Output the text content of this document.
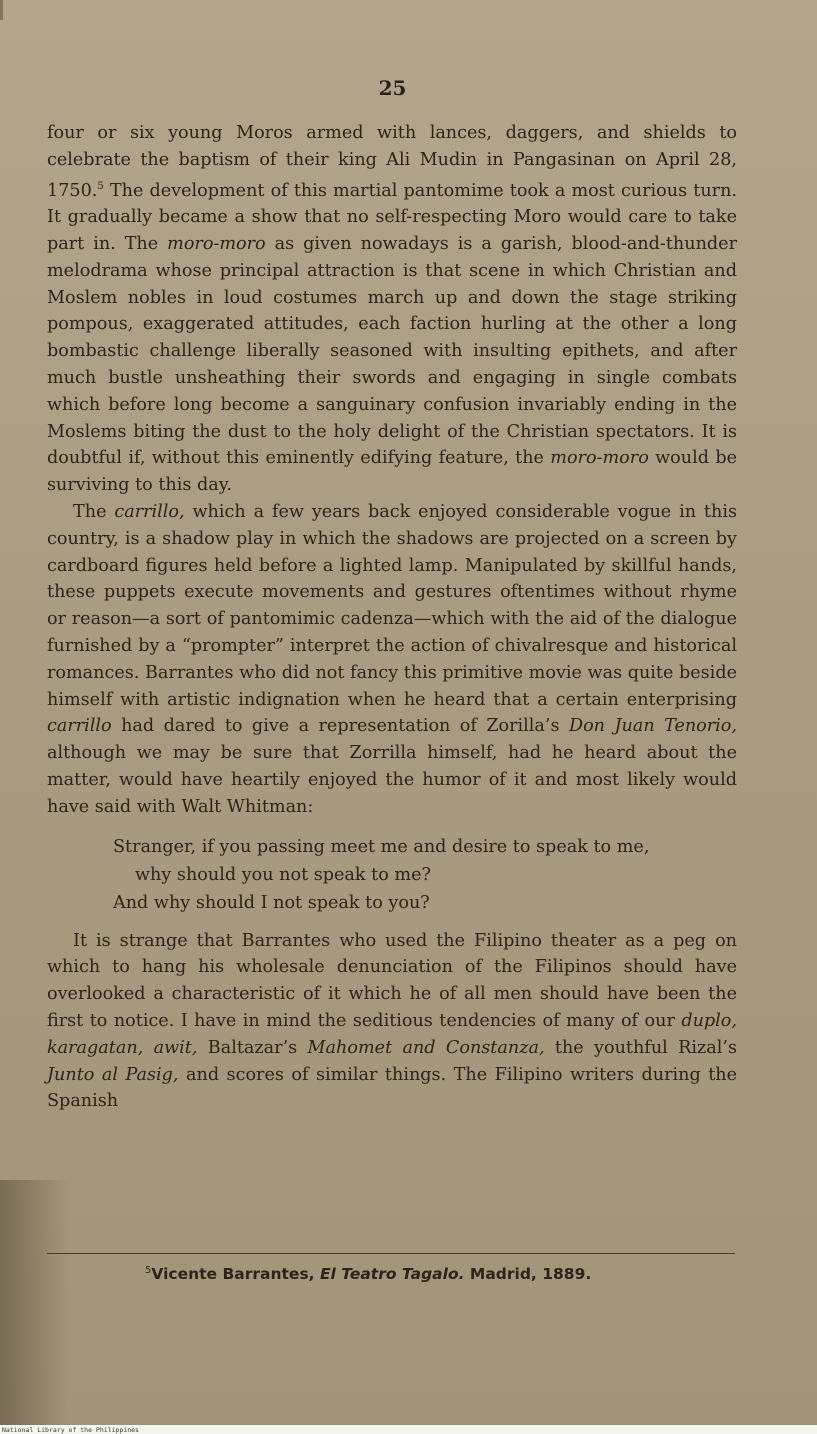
25

four or six young Moros armed with lances, daggers, and shields to celebrate the baptism of their king Ali Mudin in Pangasinan on April 28, 1750.$^5$ The development of this martial pantomime took a most curious turn. It gradually became a show that no self-respecting Moro would care to take part in. The moro-moro as given nowadays is a garish, blood-and-thunder melodrama whose principal attraction is that scene in which Christian and Moslem nobles in loud costumes march up and down the stage striking pompous, exaggerated attitudes, each faction hurling at the other a long bombastic challenge liberally seasoned with insulting epithets, and after much bustle unsheathing their swords and engaging in single combats which before long become a sanguinary confusion invariably ending in the Moslems biting the dust to the holy delight of the Christian spectators. It is doubtful if, without this eminently edifying feature, the moro-moro would be surviving to this day.

The carrillo, which a few years back enjoyed considerable vogue in this country, is a shadow play in which the shadows are projected on a screen by cardboard figures held before a lighted lamp. Manipulated by skillful hands, these puppets execute movements and gestures oftentimes without rhyme or reason—a sort of pantomimic cadenza—which with the aid of the dialogue furnished by a “prompter” interpret the action of chivalresque and historical romances. Barrantes who did not fancy this primitive movie was quite beside himself with artistic indignation when he heard that a certain enterprising carrillo had dared to give a representation of Zorilla’s Don Juan Tenorio, although we may be sure that Zorrilla himself, had he heard about the matter, would have heartily enjoyed the humor of it and most likely would have said with Walt Whitman:

Stranger, if you passing meet me and desire to speak to me,
why should you not speak to me?
And why should I not speak to you?

It is strange that Barrantes who used the Filipino theater as a peg on which to hang his wholesale denunciation of the Filipinos should have overlooked a characteristic of it which he of all men should have been the first to notice. I have in mind the seditious tendencies of many of our duplo, karagatan, awit, Baltazar’s Mahomet and Constanza, the youthful Rizal’s Junto al Pasig, and scores of similar things. The Filipino writers during the Spanish

$^5$Vicente Barrantes, El Teatro Tagalo. Madrid, 1889.
National Library of the Philippines
